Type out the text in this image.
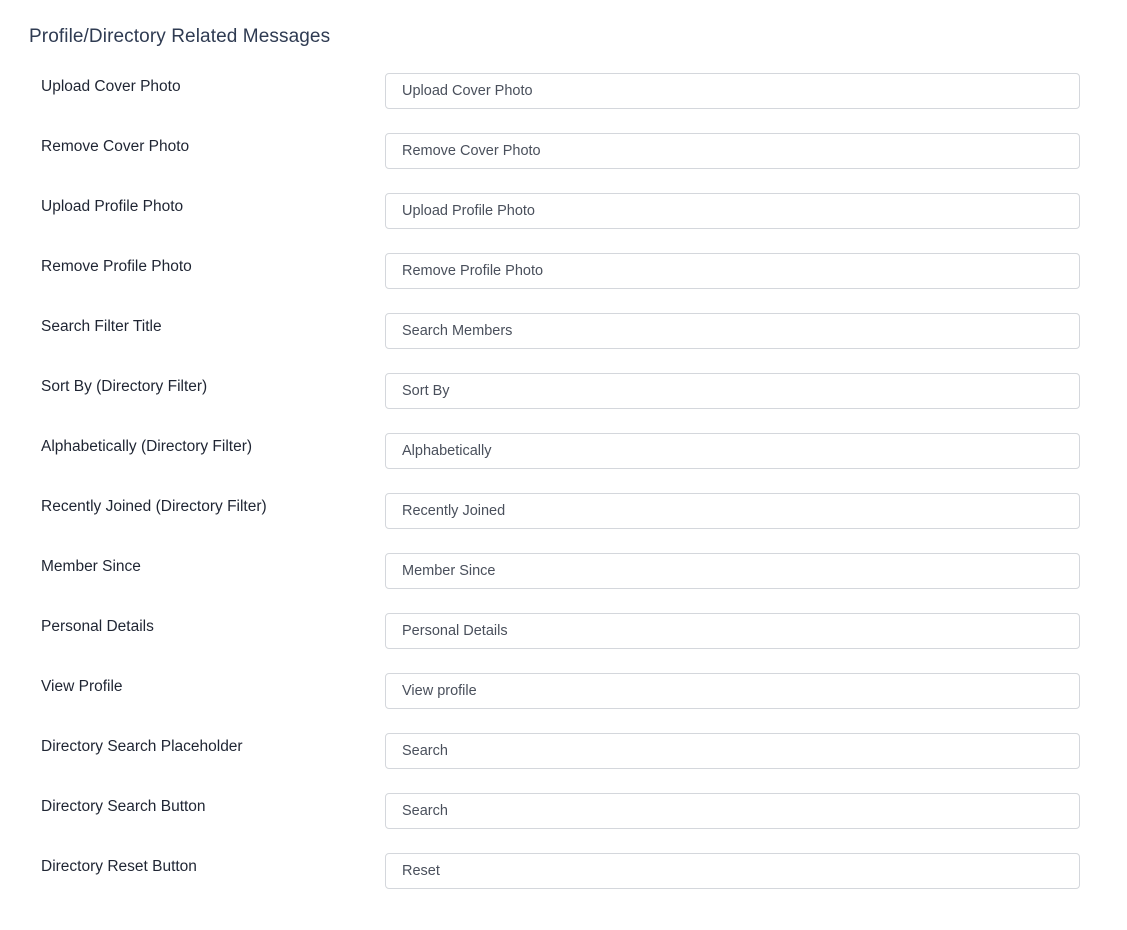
Profile/Directory Related Messages
Upload Cover Photo
Upload Cover Photo
Remove Cover Photo
Remove Cover Photo
Upload Profile Photo
Upload Profile Photo
Remove Profile Photo
Remove Profile Photo
Search Filter Title
Search Members
Sort By (Directory Filter)
Sort By
Alphabetically (Directory Filter)
Alphabetically
Recently Joined (Directory Filter)
Recently Joined
Member Since
Member Since
Personal Details
Personal Details
View Profile
View profile
Directory Search Placeholder
Search
Directory Search Button
Search
Directory Reset Button
Reset
